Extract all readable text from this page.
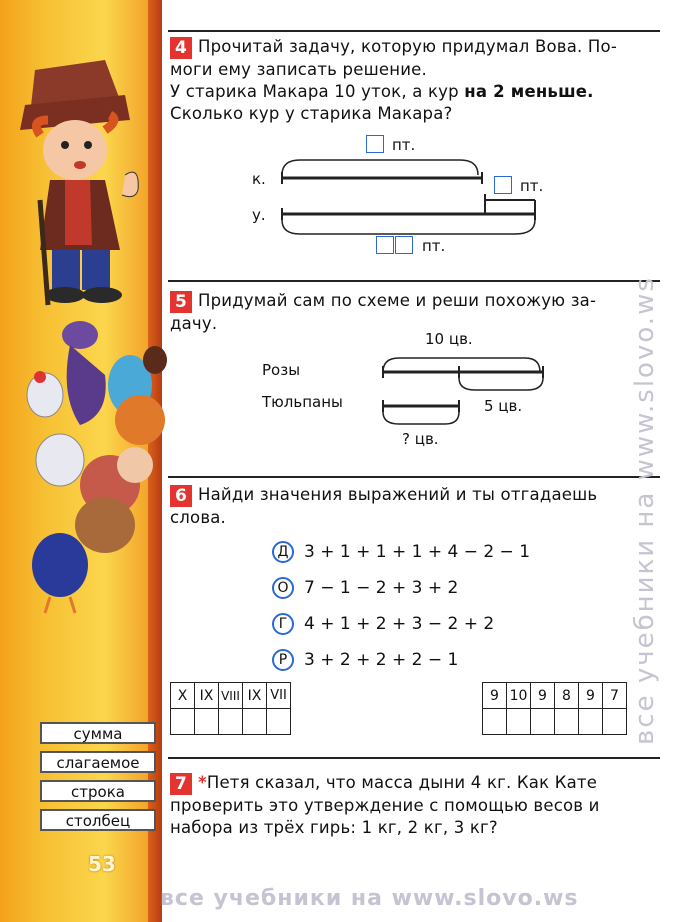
сумма
слагаемое
строка
столбец
53
4 Прочитай задачу, которую придумал Вова. По-
моги ему записать решение.
У старика Макара 10 уток, а кур на 2 меньше.
Сколько кур у старика Макара?
к.
у.
пт.
пт.
пт.
5 Придумай сам по схеме и реши похожую за-
дачу.
10 цв.
Розы
Тюльпаны	5 цв.
? цв.
6 Найди значения выражений и ты отгадаешь
слова.
Д 3 + 1 + 1 + 1 + 4 − 2 − 1
О 7 − 1 − 2 + 3 + 2
Г 4 + 1 + 2 + 3 − 2 + 2
Р 3 + 2 + 2 + 2 − 1
X	IX	VIII	IX	VII
					9	10	9	8	9	7

7 *Петя сказал, что масса дыни 4 кг. Как Кате
проверить это утверждение с помощью весов и
набора из трёх гирь: 1 кг, 2 кг, 3 кг?
все учебники на www.slovo.ws
все учебники на www.slovo.ws
